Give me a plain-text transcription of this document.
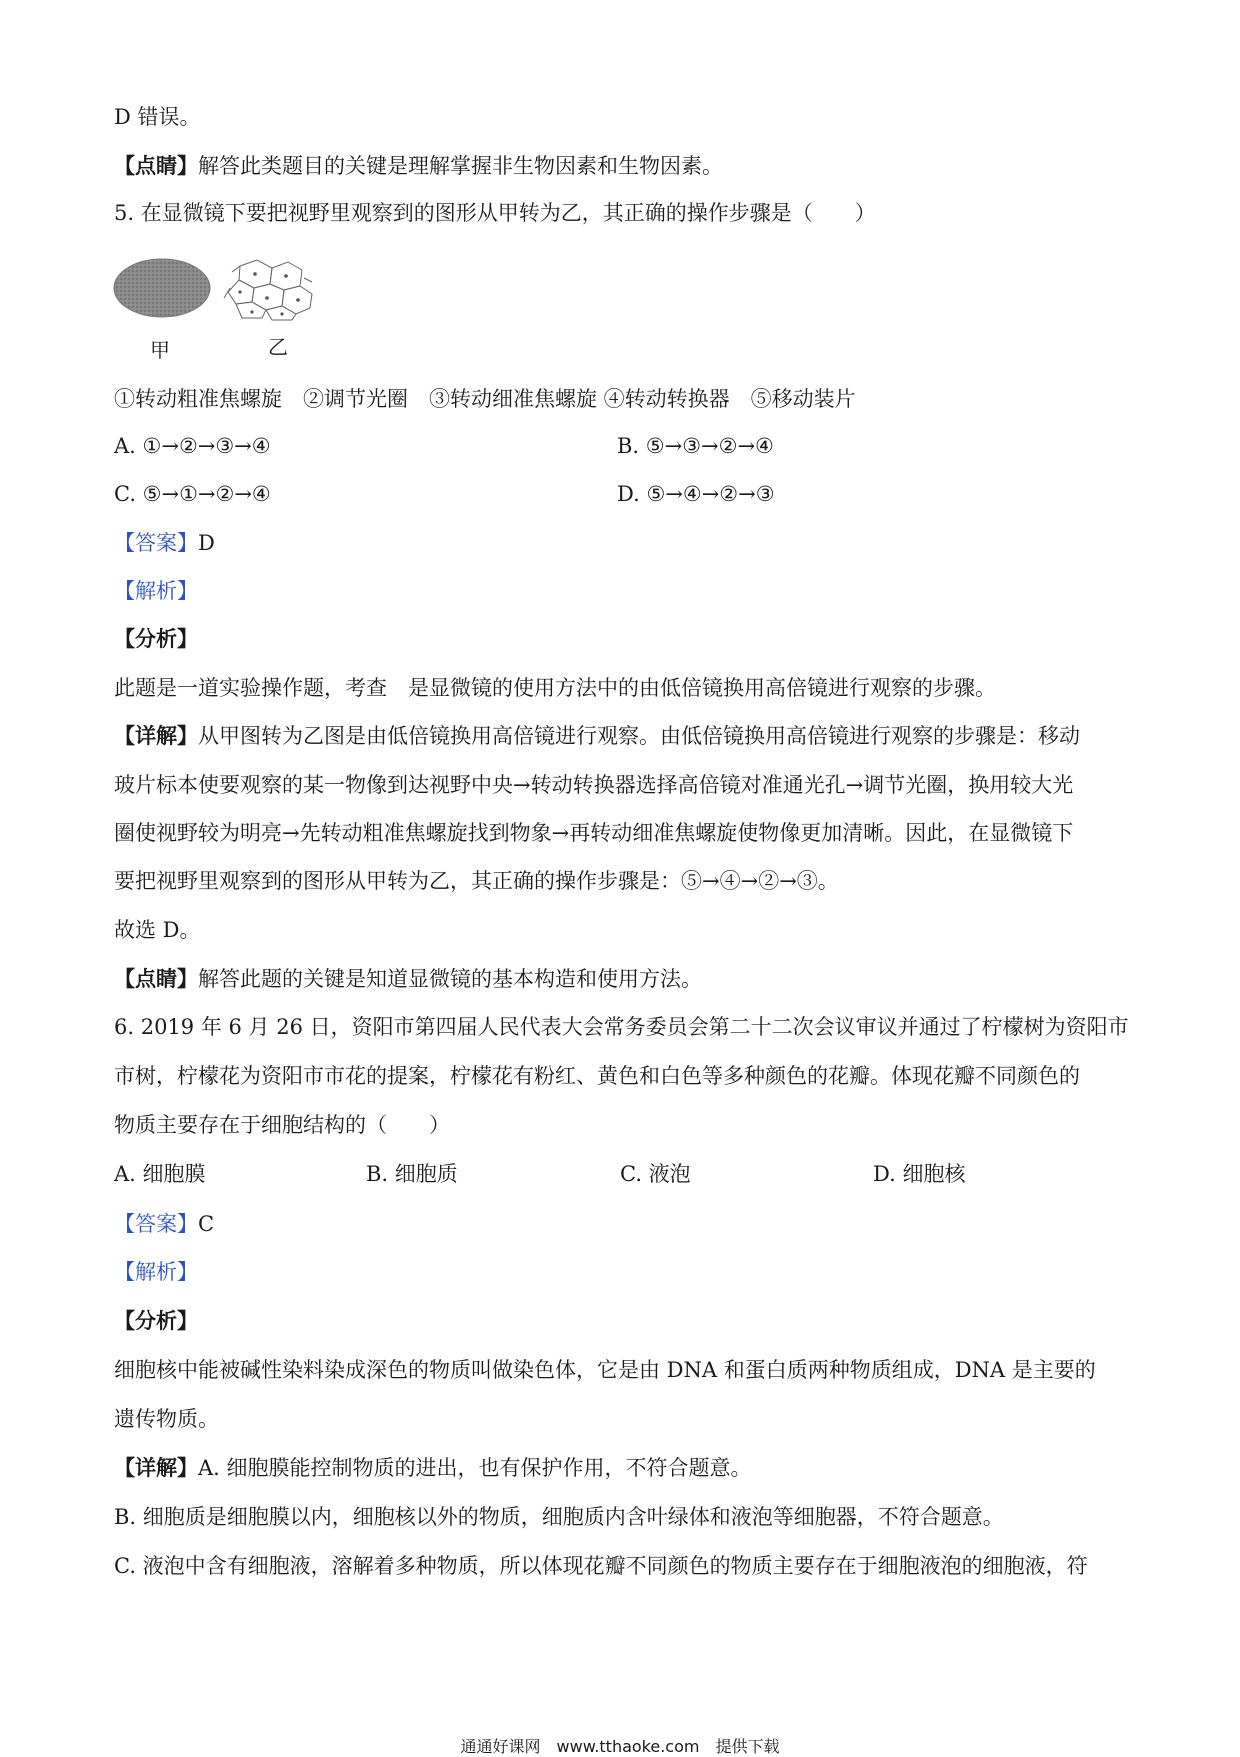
D 错误。
【点睛】解答此类题目的关键是理解掌握非生物因素和生物因素。
5. 在显微镜下要把视野里观察到的图形从甲转为乙，其正确的操作步骤是（　　）
甲	乙
①转动粗准焦螺旋　②调节光圈　③转动细准焦螺旋 ④转动转换器　⑤移动装片
A. ①→②→③→④	B. ⑤→③→②→④
C. ⑤→①→②→④	D. ⑤→④→②→③
【答案】D
【解析】
【分析】
此题是一道实验操作题，考查　是显微镜的使用方法中的由低倍镜换用高倍镜进行观察的步骤。
【详解】从甲图转为乙图是由低倍镜换用高倍镜进行观察。由低倍镜换用高倍镜进行观察的步骤是：移动
玻片标本使要观察的某一物像到达视野中央→转动转换器选择高倍镜对准通光孔→调节光圈，换用较大光
圈使视野较为明亮→先转动粗准焦螺旋找到物象→再转动细准焦螺旋使物像更加清晰。因此，在显微镜下
要把视野里观察到的图形从甲转为乙，其正确的操作步骤是：⑤→④→②→③。
故选 D。
【点睛】解答此题的关键是知道显微镜的基本构造和使用方法。
6. 2019 年 6 月 26 日，资阳市第四届人民代表大会常务委员会第二十二次会议审议并通过了柠檬树为资阳市
市树，柠檬花为资阳市市花的提案，柠檬花有粉红、黄色和白色等多种颜色的花瓣。体现花瓣不同颜色的
物质主要存在于细胞结构的（　　）
A. 细胞膜	B. 细胞质	C. 液泡	D. 细胞核
【答案】C
【解析】
【分析】
细胞核中能被碱性染料染成深色的物质叫做染色体，它是由 DNA 和蛋白质两种物质组成，DNA 是主要的
遗传物质。
【详解】A. 细胞膜能控制物质的进出，也有保护作用，不符合题意。
B. 细胞质是细胞膜以内，细胞核以外的物质，细胞质内含叶绿体和液泡等细胞器，不符合题意。
C. 液泡中含有细胞液，溶解着多种物质，所以体现花瓣不同颜色的物质主要存在于细胞液泡的细胞液，符
通通好课网　www.tthaoke.com　提供下载
